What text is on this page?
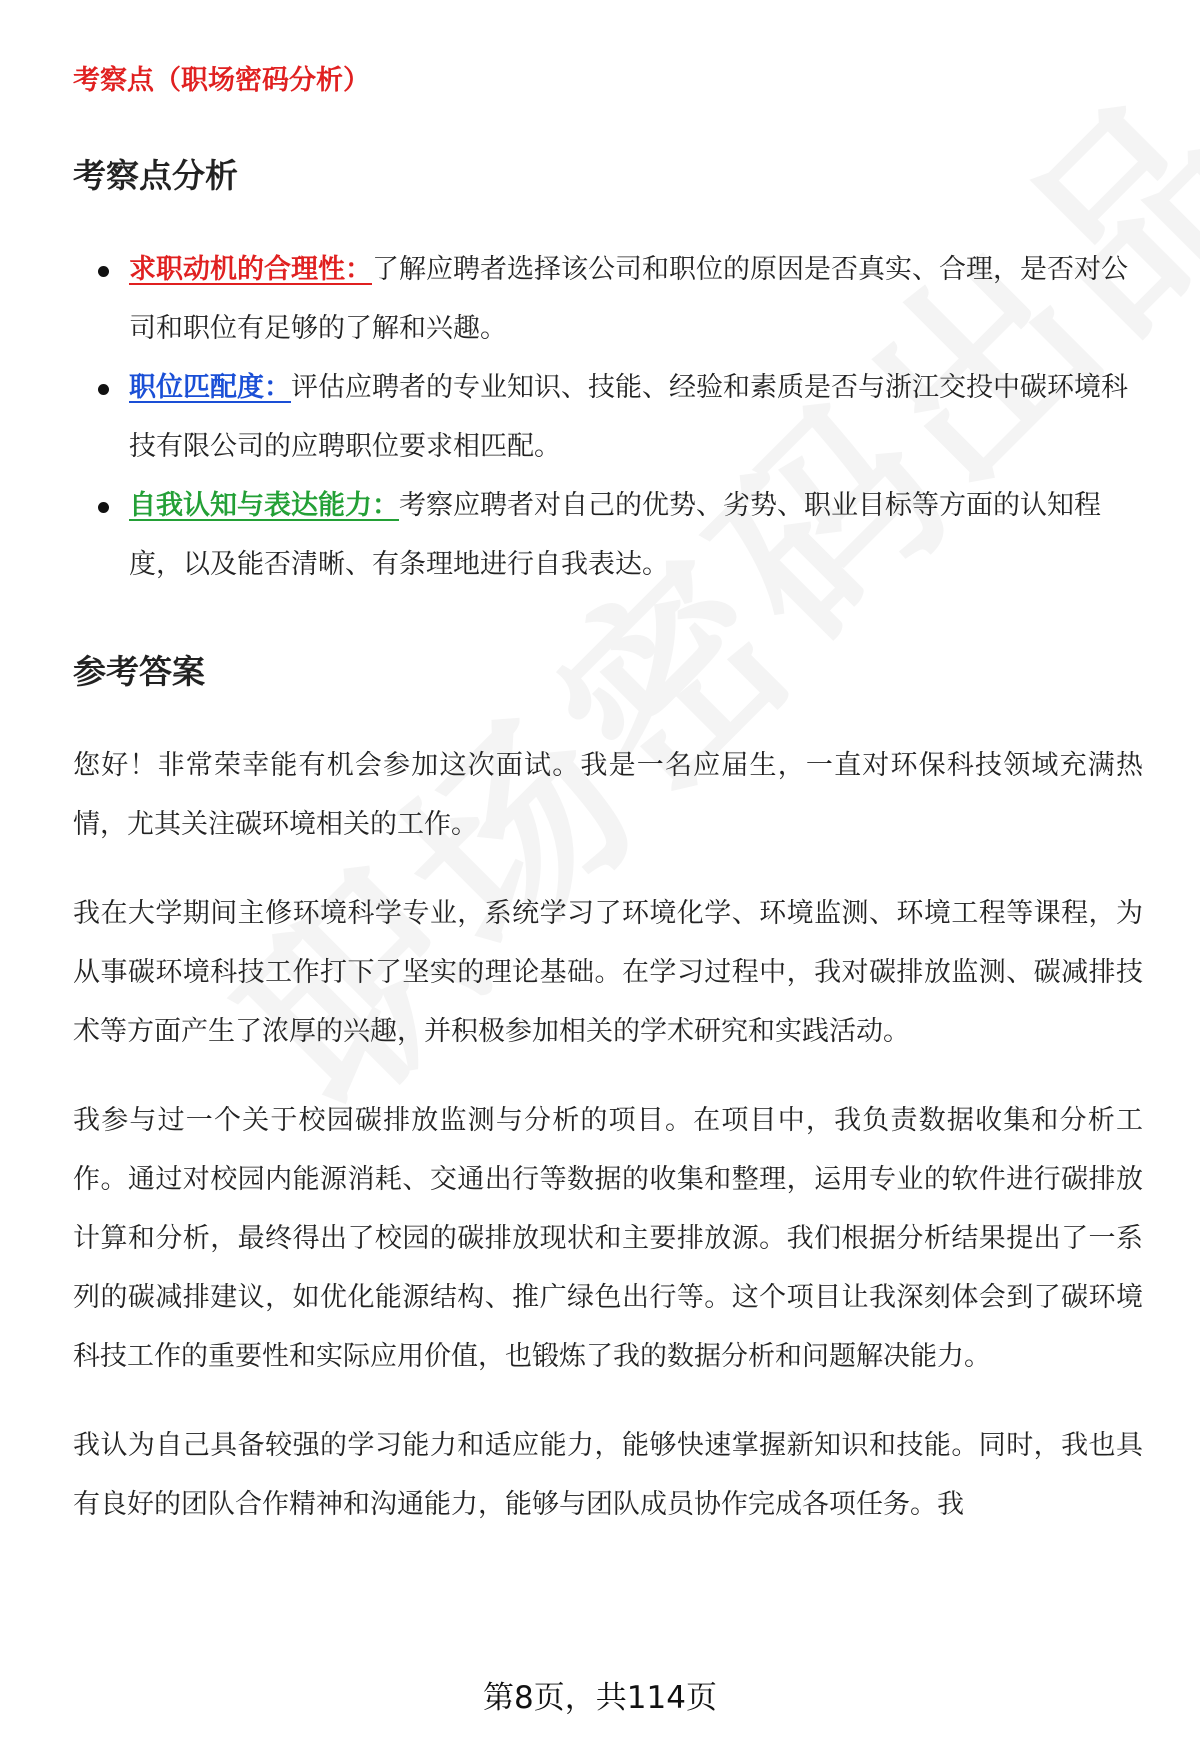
考察点（职场密码分析）
考察点分析
求职动机的合理性：了解应聘者选择该公司和职位的原因是否真实、合理，是否对公司和职位有足够的了解和兴趣。
职位匹配度：评估应聘者的专业知识、技能、经验和素质是否与浙江交投中碳环境科技有限公司的应聘职位要求相匹配。
自我认知与表达能力：考察应聘者对自己的优势、劣势、职业目标等方面的认知程度，以及能否清晰、有条理地进行自我表达。
参考答案

您好！非常荣幸能有机会参加这次面试。我是一名应届生，一直对环保科技领域充满热情，尤其关注碳环境相关的工作。

我在大学期间主修环境科学专业，系统学习了环境化学、环境监测、环境工程等课程，为从事碳环境科技工作打下了坚实的理论基础。在学习过程中，我对碳排放监测、碳减排技术等方面产生了浓厚的兴趣，并积极参加相关的学术研究和实践活动。

我参与过一个关于校园碳排放监测与分析的项目。在项目中，我负责数据收集和分析工作。通过对校园内能源消耗、交通出行等数据的收集和整理，运用专业的软件进行碳排放计算和分析，最终得出了校园的碳排放现状和主要排放源。我们根据分析结果提出了一系列的碳减排建议，如优化能源结构、推广绿色出行等。这个项目让我深刻体会到了碳环境科技工作的重要性和实际应用价值，也锻炼了我的数据分析和问题解决能力。

我认为自己具备较强的学习能力和适应能力，能够快速掌握新知识和技能。同时，我也具有良好的团队合作精神和沟通能力，能够与团队成员协作完成各项任务。我

第8页，共114页
